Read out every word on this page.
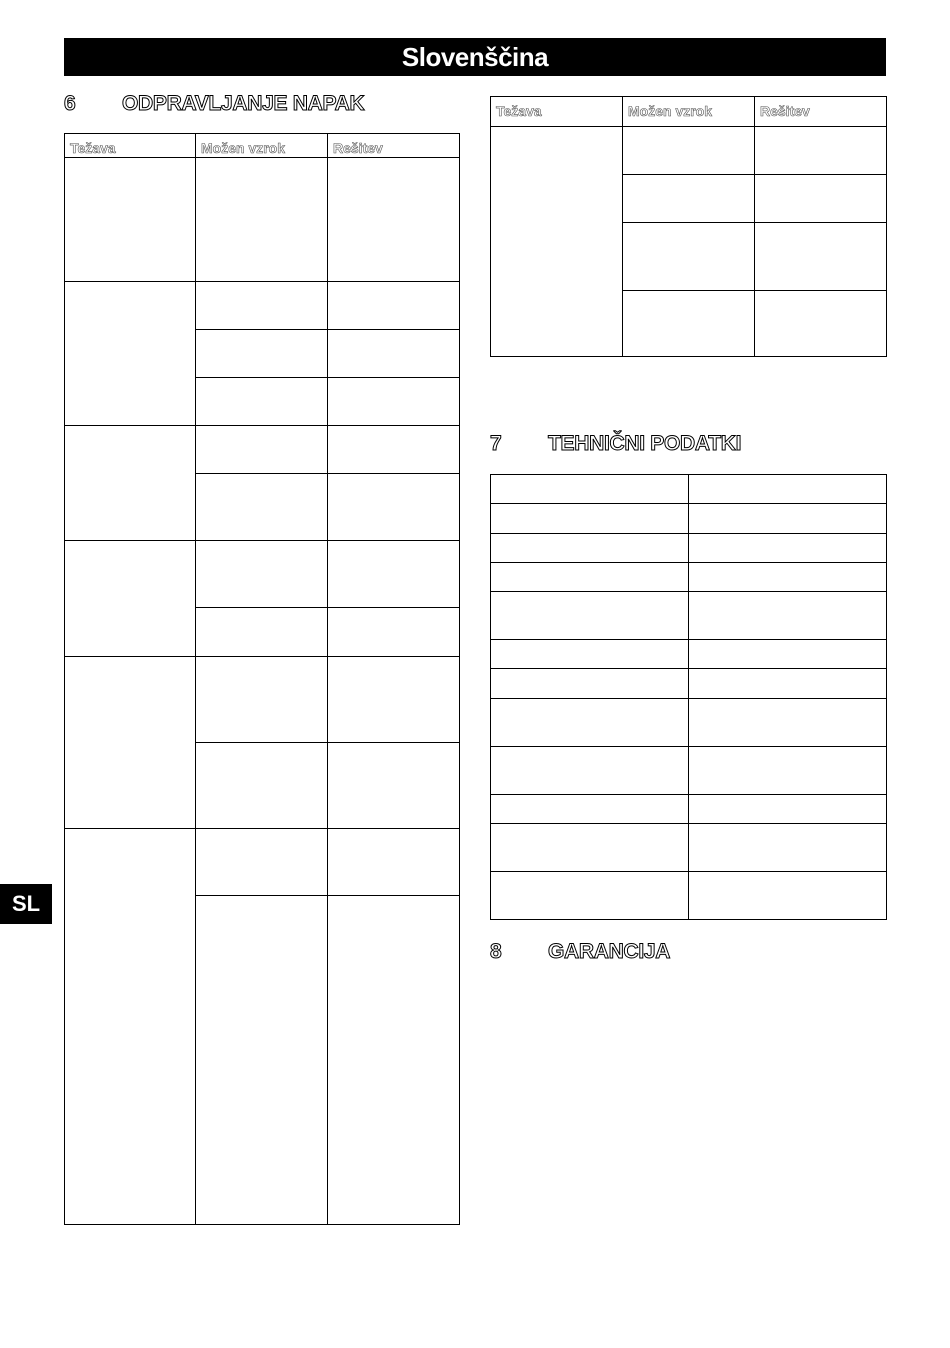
Slovenščina
SL
6	ODPRAVLJANJE NAPAK
Težava	Možen vzrok	Rešitev

Težava	Možen vzrok	Rešitev

7	TEHNIČNI PODATKI

8	GARANCIJA
